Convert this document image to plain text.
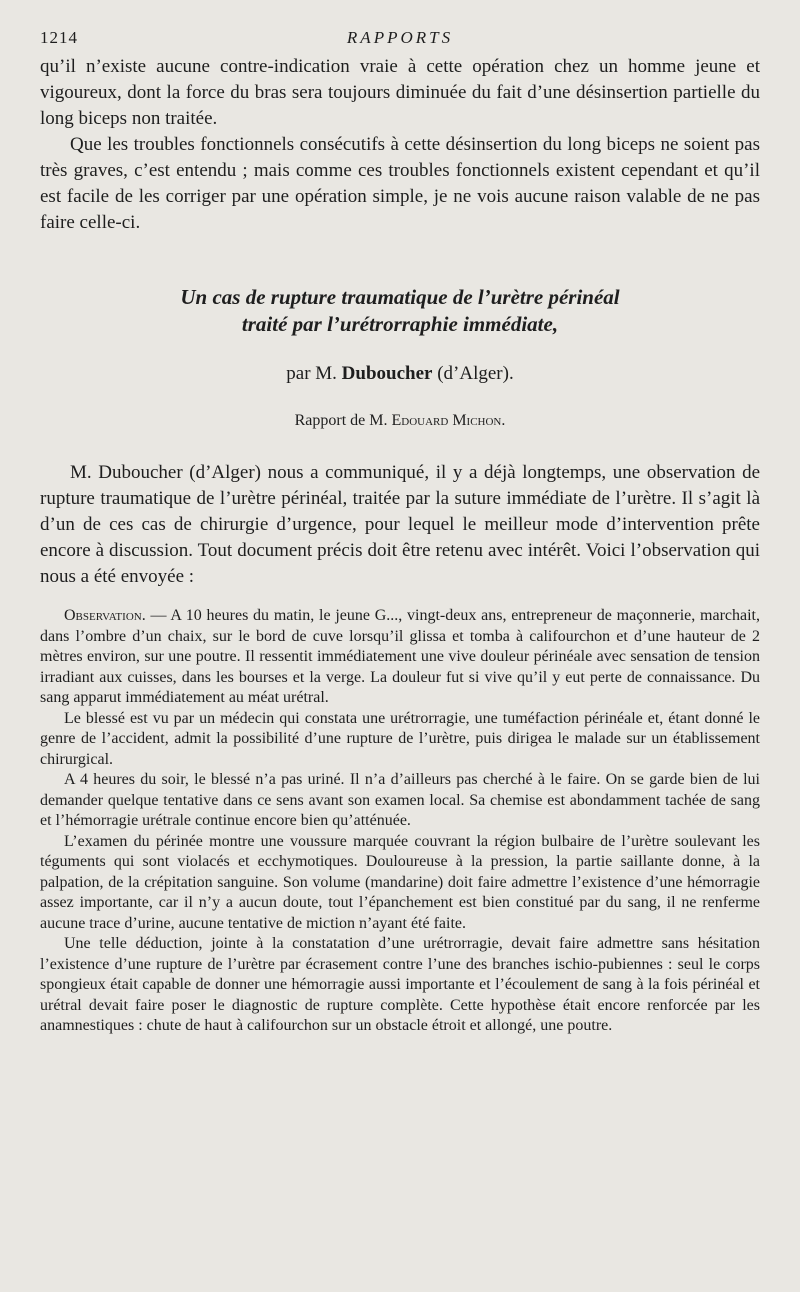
1214	RAPPORTS

qu’il n’existe aucune contre-indication vraie à cette opération chez un homme jeune et vigoureux, dont la force du bras sera toujours diminuée du fait d’une désinsertion partielle du long biceps non traitée.

Que les troubles fonctionnels consécutifs à cette désinsertion du long biceps ne soient pas très graves, c’est entendu ; mais comme ces troubles fonctionnels existent cependant et qu’il est facile de les corriger par une opération simple, je ne vois aucune raison valable de ne pas faire celle-ci.

Un cas de rupture traumatique de l’urètre périnéal
traité par l’urétrorraphie immédiate,
par M. Duboucher (d’Alger).
Rapport de M. Edouard Michon.

M. Duboucher (d’Alger) nous a communiqué, il y a déjà longtemps, une observation de rupture traumatique de l’urètre périnéal, traitée par la suture immédiate de l’urètre. Il s’agit là d’un de ces cas de chirurgie d’urgence, pour lequel le meilleur mode d’intervention prête encore à discussion. Tout document précis doit être retenu avec intérêt. Voici l’observation qui nous a été envoyée :

Observation. — A 10 heures du matin, le jeune G..., vingt-deux ans, entrepreneur de maçonnerie, marchait, dans l’ombre d’un chaix, sur le bord de cuve lorsqu’il glissa et tomba à califourchon et d’une hauteur de 2 mètres environ, sur une poutre. Il ressentit immédiatement une vive douleur périnéale avec sensation de tension irradiant aux cuisses, dans les bourses et la verge. La douleur fut si vive qu’il y eut perte de connaissance. Du sang apparut immédiatement au méat urétral.

Le blessé est vu par un médecin qui constata une urétrorragie, une tuméfaction périnéale et, étant donné le genre de l’accident, admit la possibilité d’une rupture de l’urètre, puis dirigea le malade sur un établissement chirurgical.

A 4 heures du soir, le blessé n’a pas uriné. Il n’a d’ailleurs pas cherché à le faire. On se garde bien de lui demander quelque tentative dans ce sens avant son examen local. Sa chemise est abondamment tachée de sang et l’hémorragie urétrale continue encore bien qu’atténuée.

L’examen du périnée montre une voussure marquée couvrant la région bulbaire de l’urètre soulevant les téguments qui sont violacés et ecchymotiques. Douloureuse à la pression, la partie saillante donne, à la palpation, de la crépitation sanguine. Son volume (mandarine) doit faire admettre l’existence d’une hémorragie assez importante, car il n’y a aucun doute, tout l’épanchement est bien constitué par du sang, il ne renferme aucune trace d’urine, aucune tentative de miction n’ayant été faite.

Une telle déduction, jointe à la constatation d’une urétrorragie, devait faire admettre sans hésitation l’existence d’une rupture de l’urètre par écrasement contre l’une des branches ischio-pubiennes : seul le corps spongieux était capable de donner une hémorragie aussi importante et l’écoulement de sang à la fois périnéal et urétral devait faire poser le diagnostic de rupture complète. Cette hypothèse était encore renforcée par les anamnestiques : chute de haut à califourchon sur un obstacle étroit et allongé, une poutre.
